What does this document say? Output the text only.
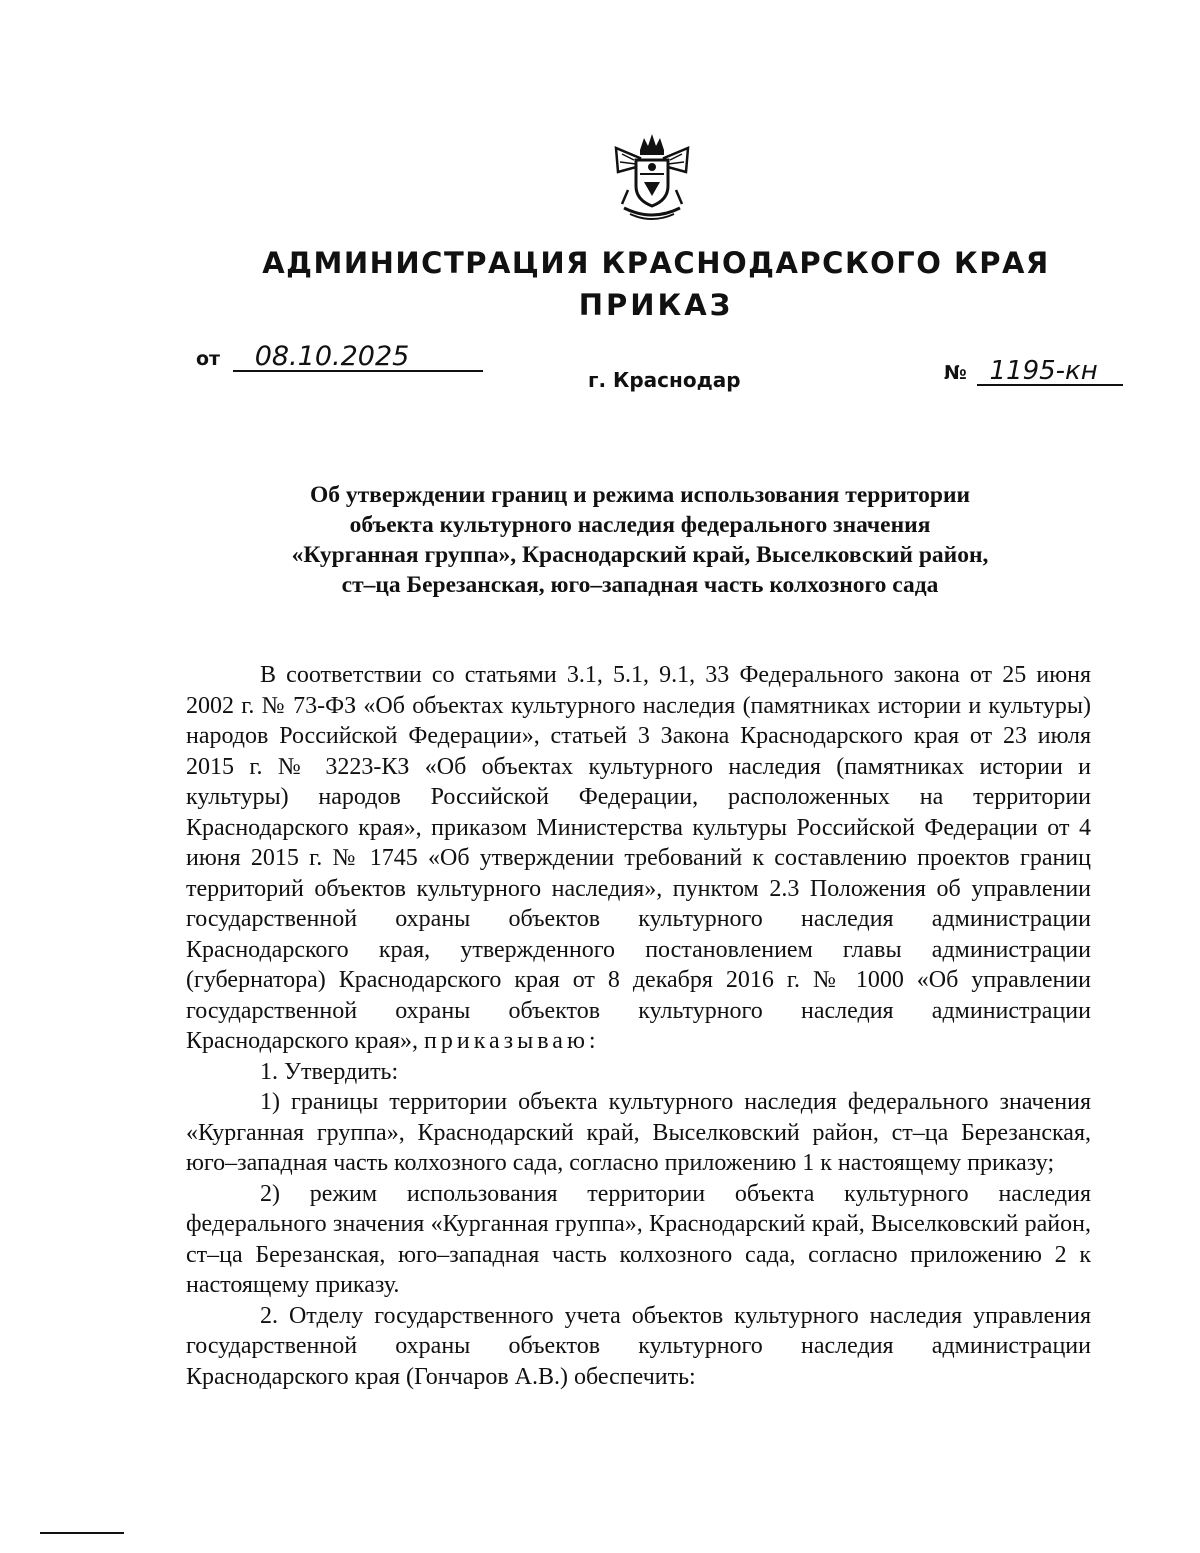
АДМИНИСТРАЦИЯ КРАСНОДАРСКОГО КРАЯ
ПРИКАЗ
от 08.10.2025
№ 1195-кн
г. Краснодар
Об утверждении границ и режима использования территории
объекта культурного наследия федерального значения
«Курганная группа», Краснодарский край, Выселковский район,
ст–ца Березанская, юго–западная часть колхозного сада

В соответствии со статьями 3.1, 5.1, 9.1, 33 Федерального закона от 25 июня 2002 г. № 73-ФЗ «Об объектах культурного наследия (памятниках истории и культуры) народов Российской Федерации», статьей 3 Закона Краснодарского края от 23 июля 2015 г. № 3223-КЗ «Об объектах культурного наследия (памятниках истории и культуры) народов Российской Федерации, расположенных на территории Краснодарского края», приказом Министерства культуры Российской Федерации от 4 июня 2015 г. № 1745 «Об утверждении требований к составлению проектов границ территорий объектов культурного наследия», пунктом 2.3 Положения об управлении государственной охраны объектов культурного наследия администрации Краснодарского края, утвержденного постановлением главы администрации (губернатора) Краснодарского края от 8 декабря 2016 г. № 1000 «Об управлении государственной охраны объектов культурного наследия администрации Краснодарского края», приказываю:

1. Утвердить:

1) границы территории объекта культурного наследия федерального значения «Курганная группа», Краснодарский край, Выселковский район, ст–ца Березанская, юго–западная часть колхозного сада, согласно приложению 1 к настоящему приказу;

2) режим использования территории объекта культурного наследия федерального значения «Курганная группа», Краснодарский край, Выселковский район, ст–ца Березанская, юго–западная часть колхозного сада, согласно приложению 2 к настоящему приказу.

2. Отделу государственного учета объектов культурного наследия управления государственной охраны объектов культурного наследия администрации Краснодарского края (Гончаров А.В.) обеспечить:
